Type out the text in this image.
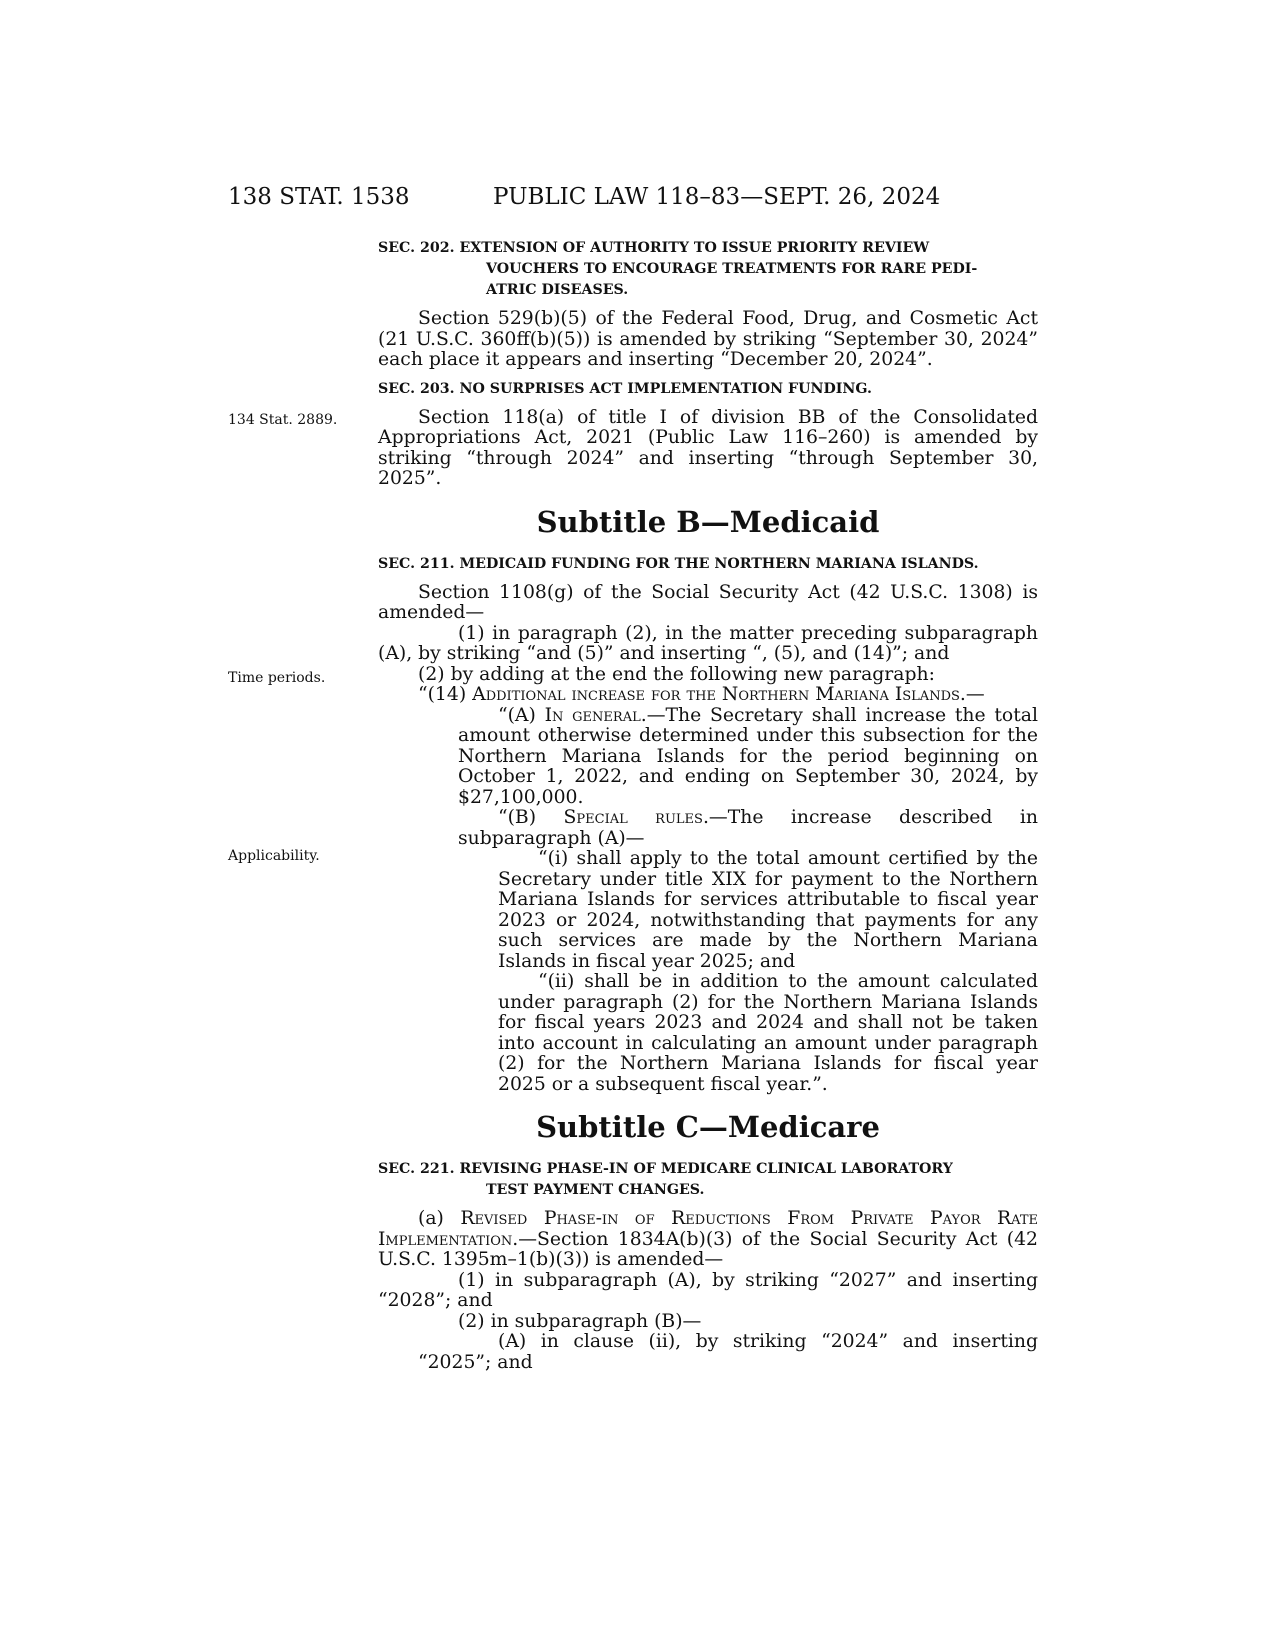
138 STAT. 1538	PUBLIC LAW 118–83—SEPT. 26, 2024
134 Stat. 2889.
Time periods.
Applicability.
SEC. 202. EXTENSION OF AUTHORITY TO ISSUE PRIORITY REVIEW
VOUCHERS TO ENCOURAGE TREATMENTS FOR RARE PEDI-
ATRIC DISEASES.

Section 529(b)(5) of the Federal Food, Drug, and Cosmetic Act (21 U.S.C. 360ff(b)(5)) is amended by striking “September 30, 2024” each place it appears and inserting “December 20, 2024”.

SEC. 203. NO SURPRISES ACT IMPLEMENTATION FUNDING.

Section 118(a) of title I of division BB of the Consolidated Appropriations Act, 2021 (Public Law 116–260) is amended by striking “through 2024” and inserting “through September 30, 2025”.

Subtitle B—Medicaid
SEC. 211. MEDICAID FUNDING FOR THE NORTHERN MARIANA ISLANDS.

Section 1108(g) of the Social Security Act (42 U.S.C. 1308) is amended—

(1) in paragraph (2), in the matter preceding subparagraph (A), by striking “and (5)” and inserting “, (5), and (14)”; and

(2) by adding at the end the following new paragraph:

“(14) Additional increase for the Northern Mariana Islands.—

“(A) In general.—The Secretary shall increase the total amount otherwise determined under this subsection for the Northern Mariana Islands for the period beginning on October 1, 2022, and ending on September 30, 2024, by $27,100,000.

“(B) Special rules.—The increase described in subparagraph (A)—

“(i) shall apply to the total amount certified by the Secretary under title XIX for payment to the Northern Mariana Islands for services attributable to fiscal year 2023 or 2024, notwithstanding that payments for any such services are made by the Northern Mariana Islands in fiscal year 2025; and

“(ii) shall be in addition to the amount calculated under paragraph (2) for the Northern Mariana Islands for fiscal years 2023 and 2024 and shall not be taken into account in calculating an amount under paragraph (2) for the Northern Mariana Islands for fiscal year 2025 or a subsequent fiscal year.”.

Subtitle C—Medicare
SEC. 221. REVISING PHASE-IN OF MEDICARE CLINICAL LABORATORY
TEST PAYMENT CHANGES.

(a) Revised Phase-in of Reductions From Private Payor Rate Implementation.—Section 1834A(b)(3) of the Social Security Act (42 U.S.C. 1395m–1(b)(3)) is amended—

(1) in subparagraph (A), by striking “2027” and inserting “2028”; and

(2) in subparagraph (B)—

(A) in clause (ii), by striking “2024” and inserting “2025”; and
